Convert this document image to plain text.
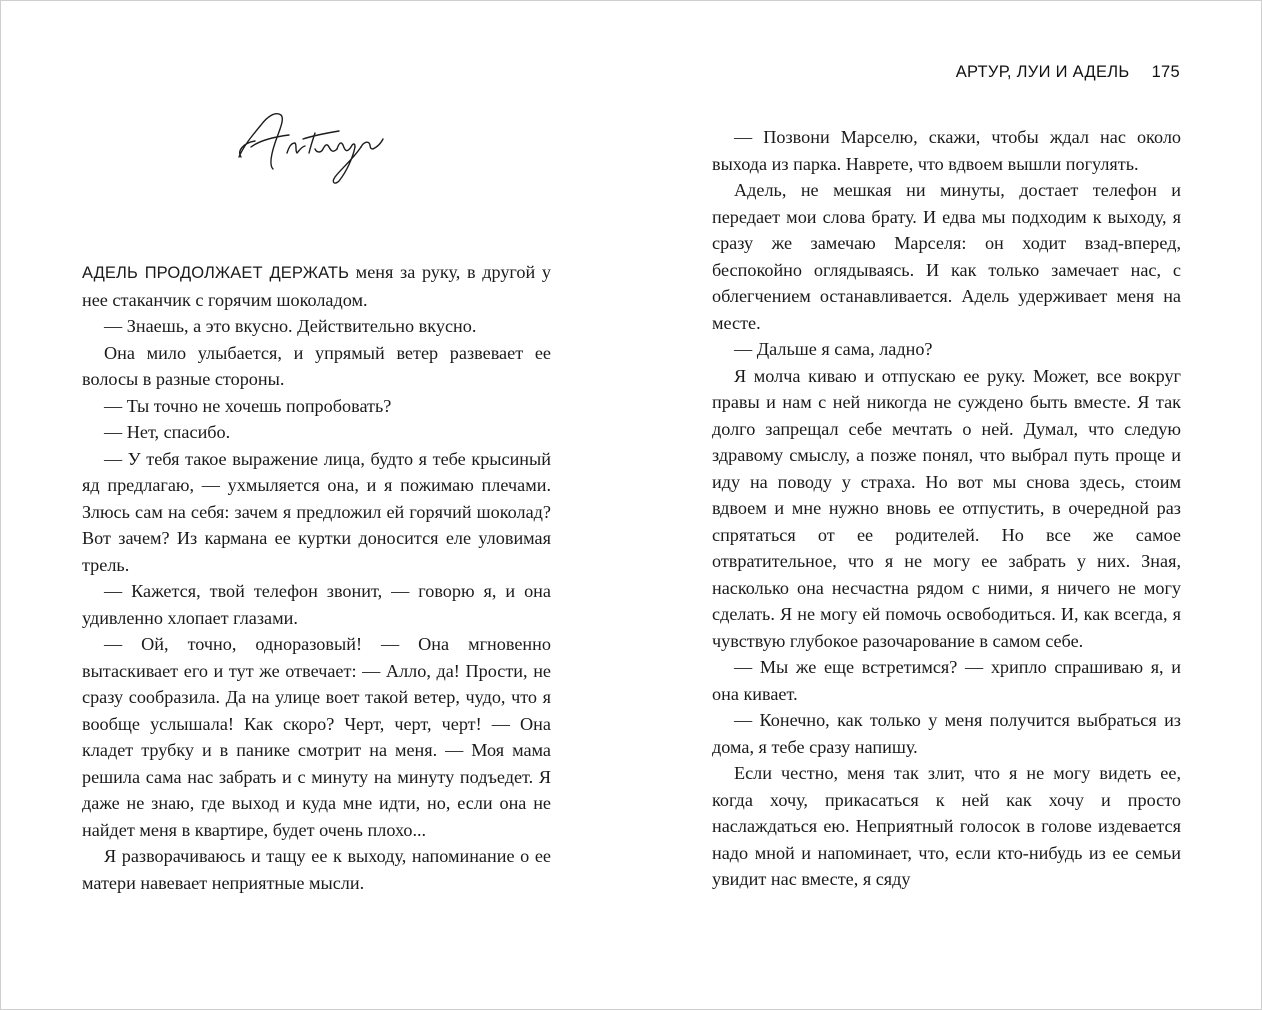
АДЕЛЬ ПРОДОЛЖАЕТ ДЕРЖАТЬ меня за руку, в другой у нее стаканчик с горячим шоколадом.

— Знаешь, а это вкусно. Действительно вкусно.

Она мило улыбается, и упрямый ветер развевает ее волосы в разные стороны.

— Ты точно не хочешь попробовать?

— Нет, спасибо.

— У тебя такое выражение лица, будто я тебе крысиный яд предлагаю, — ухмыляется она, и я пожимаю плечами. Злюсь сам на себя: зачем я предложил ей горячий шоколад? Вот зачем? Из кармана ее куртки доносится еле уловимая трель.

— Кажется, твой телефон звонит, — говорю я, и она удивленно хлопает глазами.

— Ой, точно, одноразовый! — Она мгновенно вытаскивает его и тут же отвечает: — Алло, да! Прости, не сразу сообразила. Да на улице воет такой ветер, чудо, что я вообще услышала! Как скоро? Черт, черт, черт! — Она кладет трубку и в панике смотрит на меня. — Моя мама решила сама нас забрать и с минуту на минуту подъедет. Я даже не знаю, где выход и куда мне идти, но, если она не найдет меня в квартире, будет очень плохо...

Я разворачиваюсь и тащу ее к выходу, напоминание о ее матери навевает неприятные мысли.

АРТУР, ЛУИ И АДЕЛЬ 175

— Позвони Марселю, скажи, чтобы ждал нас около выхода из парка. Наврете, что вдвоем вышли погулять.

Адель, не мешкая ни минуты, достает телефон и передает мои слова брату. И едва мы подходим к выходу, я сразу же замечаю Марселя: он ходит взад-вперед, беспокойно оглядываясь. И как только замечает нас, с облегчением останавливается. Адель удерживает меня на месте.

— Дальше я сама, ладно?

Я молча киваю и отпускаю ее руку. Может, все вокруг правы и нам с ней никогда не суждено быть вместе. Я так долго запрещал себе мечтать о ней. Думал, что следую здравому смыслу, а позже понял, что выбрал путь проще и иду на поводу у страха. Но вот мы снова здесь, стоим вдвоем и мне нужно вновь ее отпустить, в очередной раз спрятаться от ее родителей. Но все же самое отвратительное, что я не могу ее забрать у них. Зная, насколько она несчастна рядом с ними, я ничего не могу сделать. Я не могу ей помочь освободиться. И, как всегда, я чувствую глубокое разочарование в самом себе.

— Мы же еще встретимся? — хрипло спрашиваю я, и она кивает.

— Конечно, как только у меня получится выбраться из дома, я тебе сразу напишу.

Если честно, меня так злит, что я не могу видеть ее, когда хочу, прикасаться к ней как хочу и просто наслаждаться ею. Неприятный голосок в голове издевается надо мной и напоминает, что, если кто-нибудь из ее семьи увидит нас вместе, я сяду
